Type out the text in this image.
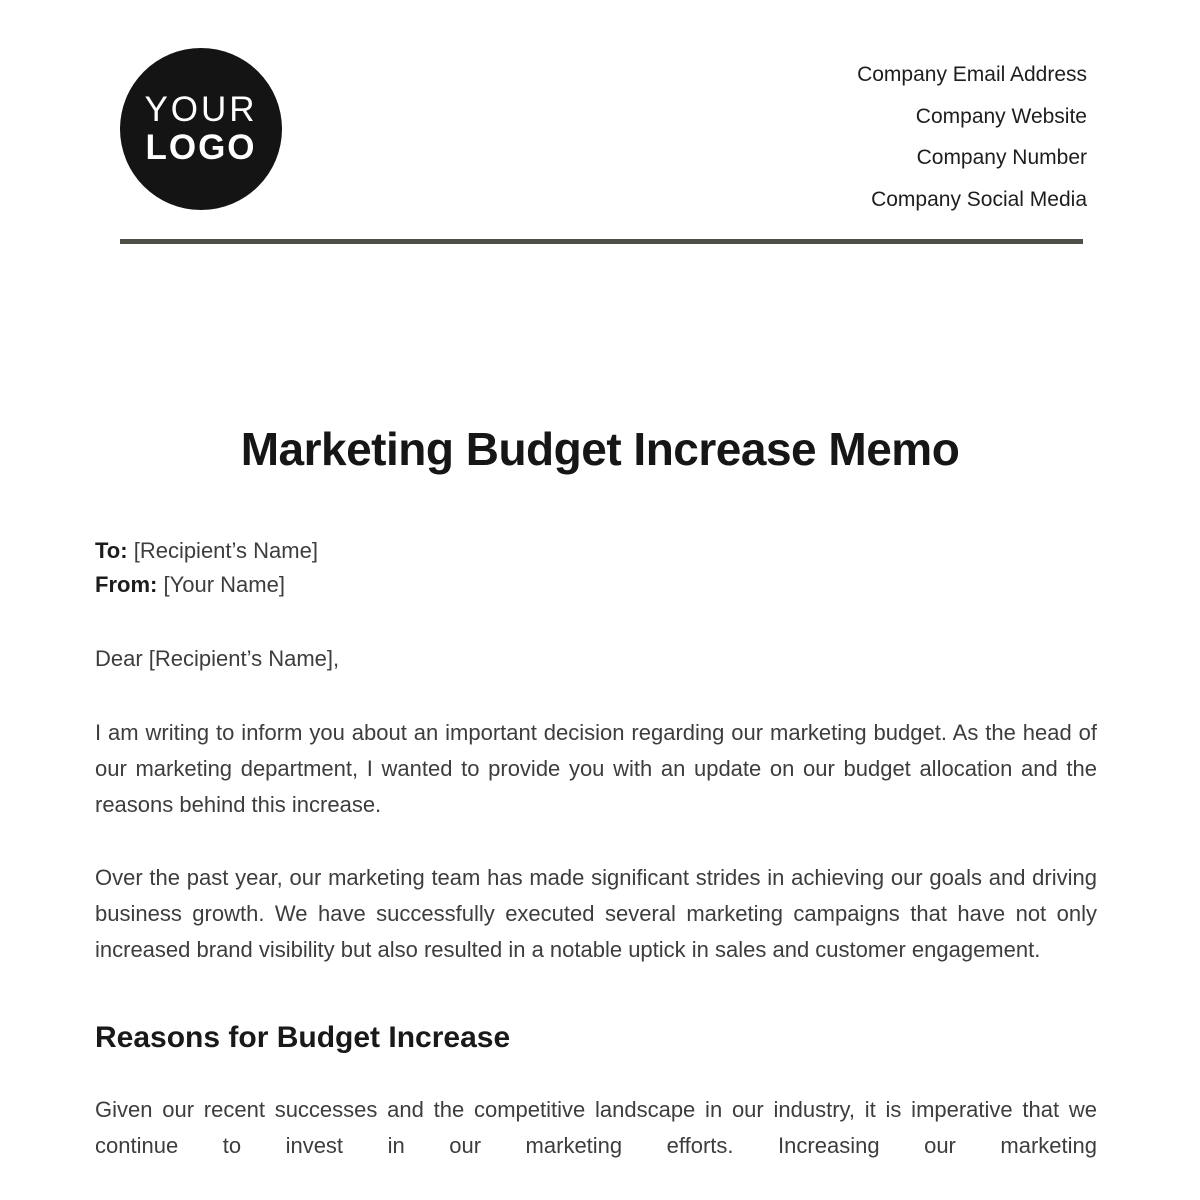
YOUR
LOGO
Company Email Address
Company Website
Company Number
Company Social Media
Marketing Budget Increase Memo
To: [Recipient’s Name]
From: [Your Name]
Dear [Recipient’s Name],

I am writing to inform you about an important decision regarding our marketing budget. As the head of our marketing department, I wanted to provide you with an update on our budget allocation and the reasons behind this increase.

Over the past year, our marketing team has made significant strides in achieving our goals and driving business growth. We have successfully executed several marketing campaigns that have not only increased brand visibility but also resulted in a notable uptick in sales and customer engagement.

Reasons for Budget Increase

Given our recent successes and the competitive landscape in our industry, it is imperative that we continue to invest in our marketing efforts. Increasing our marketing
